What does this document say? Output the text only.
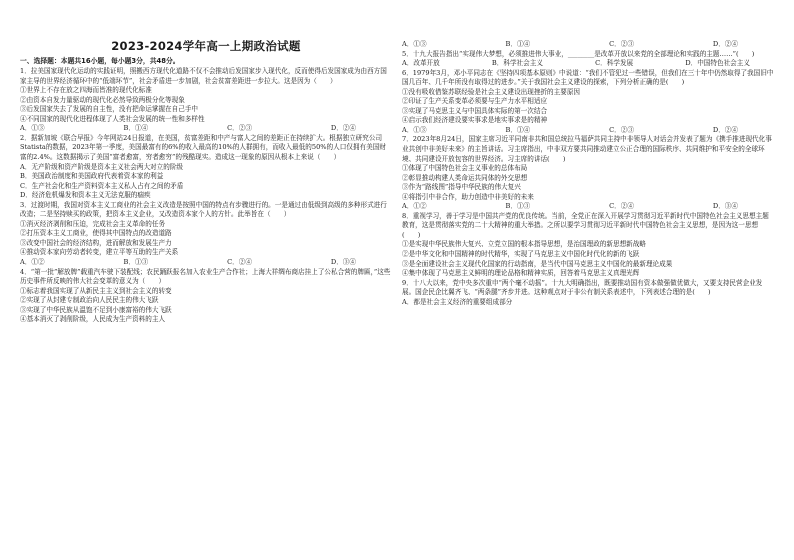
2023-2024学年高一上期政治试题
一、选择题：本题共16小题，每小题3分，共48分。

1．拉美国家现代化运动的实践证明，照搬西方现代化道路不仅不会推动后发国家步入现代化，反而使得后发国家成为由西方国家主导的世界经济循环中的“低端环节”，社会矛盾进一步加剧，社会贫富差距进一步拉大。这是因为（　　）

①世界上不存在放之四海而皆准的现代化标准

②由资本自发力量驱动的现代化必然导致两极分化等现象

③后发国家失去了发展的自主性，没有把命运掌握在自己手中

④不同国家的现代化进程体现了人类社会发展的统一性和多样性

A．①③	B．①④	C．②③	D．②④

2．据新加坡《联合早报》今年网站24日报道，在美国，贫富差距和中产与富人之间的差距正在持续扩大。根据独立研究公司Statista的数据，2023年第一季度，美国最富有的6%的收入最高的10%的人群拥有，而收入最低的50%的人口仅拥有美国财富的2.4%。这数据揭示了美国“富者愈富，穷者愈穷”的残酷现实。造成这一现象的原因从根本上来说（　　）

A．无产阶级和资产阶级是资本主义社会两大对立的阶级

B．美国政治制度和美国政府代表着资本家的利益

C．生产社会化和生产资料资本主义私人占有之间的矛盾

D．经济危机爆发和资本主义无法克服的痼疾

3．过渡时期，我国对资本主义工商业的社会主义改造是按照中国的特点有步骤进行的。一是通过由低级到高级的多种形式进行改造；二是坚持赎买的政策，把资本主义企业，又改造资本家个人的方针。此举旨在（　　）

①消灭经济剥削和压迫，完成社会主义革命的任务

②打压资本主义工商业，使得其中国特点的改造道路

③改变中国社会的经济结构，进而解放和发展生产力

④推动资本家向劳动者转变，建立平等互助的生产关系

A．①②	B．①③	C．②④	D．③④

4．“第一批”解放牌”载重汽车驶下装配线；农民踊跃报名加入农业生产合作社；上海大祥绸布商店挂上了公私合营的牌匾，”这些历史事件所反映的伟大社会变革的意义为（　　）

①标志着我国实现了从新民主主义到社会主义的转变

②实现了从封建专制政治向人民民主的伟大飞跃

③实现了中华民族从温饱不足到小康富裕的伟大飞跃

④基本消灭了剥削阶级，人民成为生产资料的主人

A．①③	B．①④	C．②③	D．②④

5．十九大报告指出“实现伟大梦想，必须推进伟大事业，________是改革开放以来党的全部理论和实践的主题……”(　　)

A．改革开放	B．科学社会主义	C．科学发展	D．中国特色社会主义

6．1979年3月，邓小平同志在《坚持四项基本原则》中说道：“我们不管犯过一些错误，但我们在三十年中仍然取得了我国旧中国几百年、几千年所没有取得过的进步。”关于我国社会主义建设的探索，下列分析正确的是(　　)

①没有吸收借鉴苏联经验是社会主义建设出现挫折的主要原因

②印证了生产关系变革必须要与生产力水平相适应

③实现了马克思主义与中国具体实际的第一次结合

④启示我们经济建设要实事求是地实事求是的精神

A．①③	B．①④	C．②③	D．②④

7．2023年8月24日，国家主席习近平同南非共和国总统拉马福萨共同主持中非领导人对话会并发表了题为《携手推进现代化事业共创中非美好未来》的主旨讲话。习主席指出，中非双方要共同推动建立公正合理的国际秩序、共同维护和平安全的全球环境、共同建设开放包容的世界经济。习主席的讲话(　　)

①体现了中国特色社会主义事业的总体布局

②彰显推动构建人类命运共同体的外交思想

③作为“路线图”指导中华民族的伟大复兴

④将指引中非合作，助力创造中非美好的未来

A．①②	B．①③	C．②④	D．③④

8．重视学习，善于学习是中国共产党的优良传统。当前，全党正在深入开展学习贯彻习近平新时代中国特色社会主义思想主题教育，这是贯彻落实党的二十大精神的重大举措。之所以要学习贯彻习近平新时代中国特色社会主义思想，是因为这一思想(　　)

①是实现中华民族伟大复兴、立党立国的根本指导思想，是治国理政的新思想新战略

②是中华文化和中国精神的时代精华，实现了马克思主义中国化时代化的新的飞跃

③是全面建设社会主义现代化国家的行动指南，是当代中国马克思主义中国化的最新理论成果

④集中体现了马克思主义鲜明的理论品格和精神实质，回答着马克思主义真理光辉

9．十八大以来，党中央多次重申“两个毫不动摇”。十九大明确指出，既要推动国有资本做强做优做大，又要支持民营企业发展。国企民企比翼齐飞、“两条腿”齐步并进。这种观点对于非公有制关系表述中，下列表述合理的是(　　)

A．都是社会主义经济的重要组成部分
